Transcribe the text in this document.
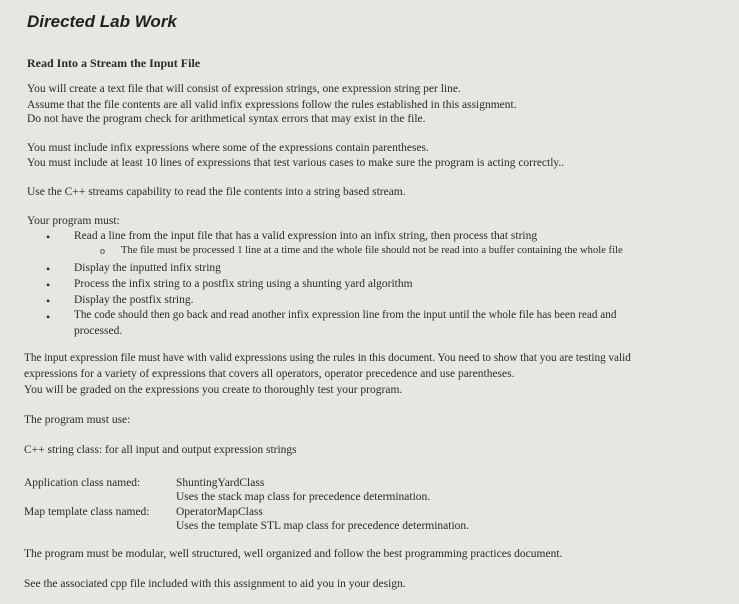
Directed Lab Work
Read Into a Stream the Input File
You will create a text file that will consist of expression strings, one expression string per line.
Assume that the file contents are all valid infix expressions follow the rules established in this assignment.
Do not have the program check for arithmetical syntax errors that may exist in the file.
You must include infix expressions where some of the expressions contain parentheses.
You must include at least 10 lines of expressions that test various cases to make sure the program is acting correctly..
Use the C++ streams capability to read the file contents into a string based stream.
Your program must:
• Read a line from the input file that has a valid expression into an infix string, then process that string
o The file must be processed 1 line at a time and the whole file should not be read into a buffer containing the whole file
• Display the inputted infix string
• Process the infix string to a postfix string using a shunting yard algorithm
• Display the postfix string.
• The code should then go back and read another infix expression line from the input until the whole file has been read and
processed.
The input expression file must have with valid expressions using the rules in this document. You need to show that you are testing valid
expressions for a variety of expressions that covers all operators, operator precedence and use parentheses.
You will be graded on the expressions you create to thoroughly test your program.
The program must use:
C++ string class: for all input and output expression strings
Application class named:	ShuntingYardClass
Uses the stack map class for precedence determination.
Map template class named: OperatorMapClass
Uses the template STL map class for precedence determination.
The program must be modular, well structured, well organized and follow the best programming practices document.
See the associated cpp file included with this assignment to aid you in your design.
